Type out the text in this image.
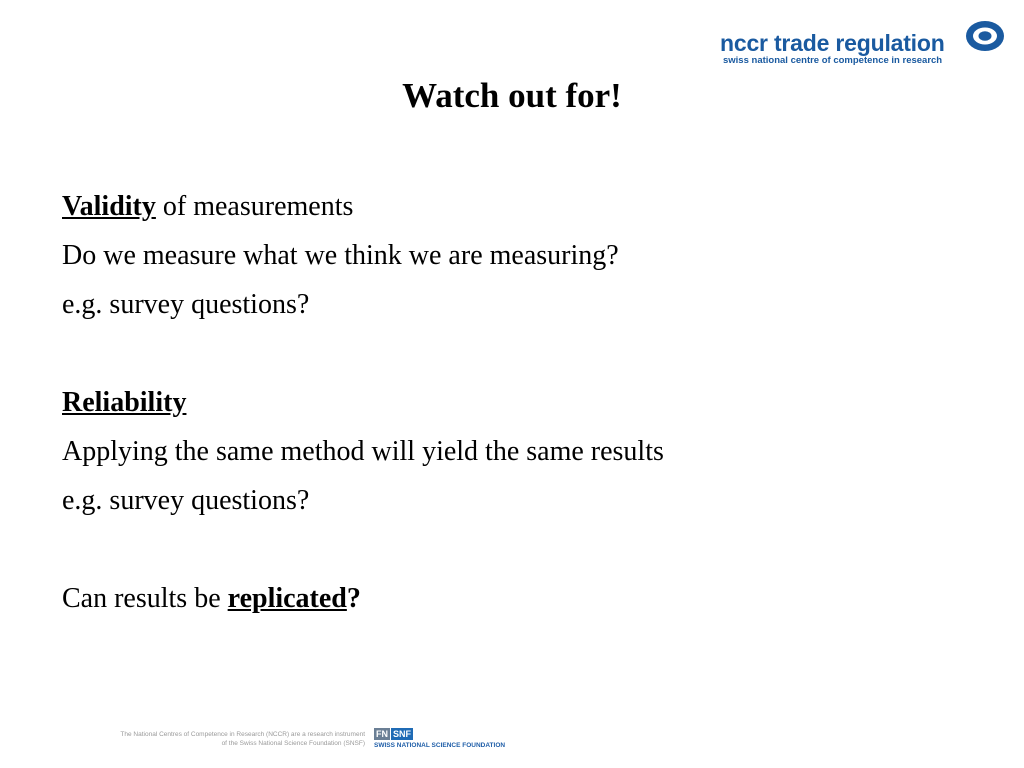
nccr trade regulation
swiss national centre of competence in research
Watch out for!
Validity of measurements
Do we measure what we think we are measuring?
e.g. survey questions?
Reliability
Applying the same method will yield the same results
e.g. survey questions?
Can results be replicated?
The National Centres of Competence in Research (NCCR) are a research instrument
of the Swiss National Science Foundation (SNSF)
FN SNF
SWISS NATIONAL SCIENCE FOUNDATION
